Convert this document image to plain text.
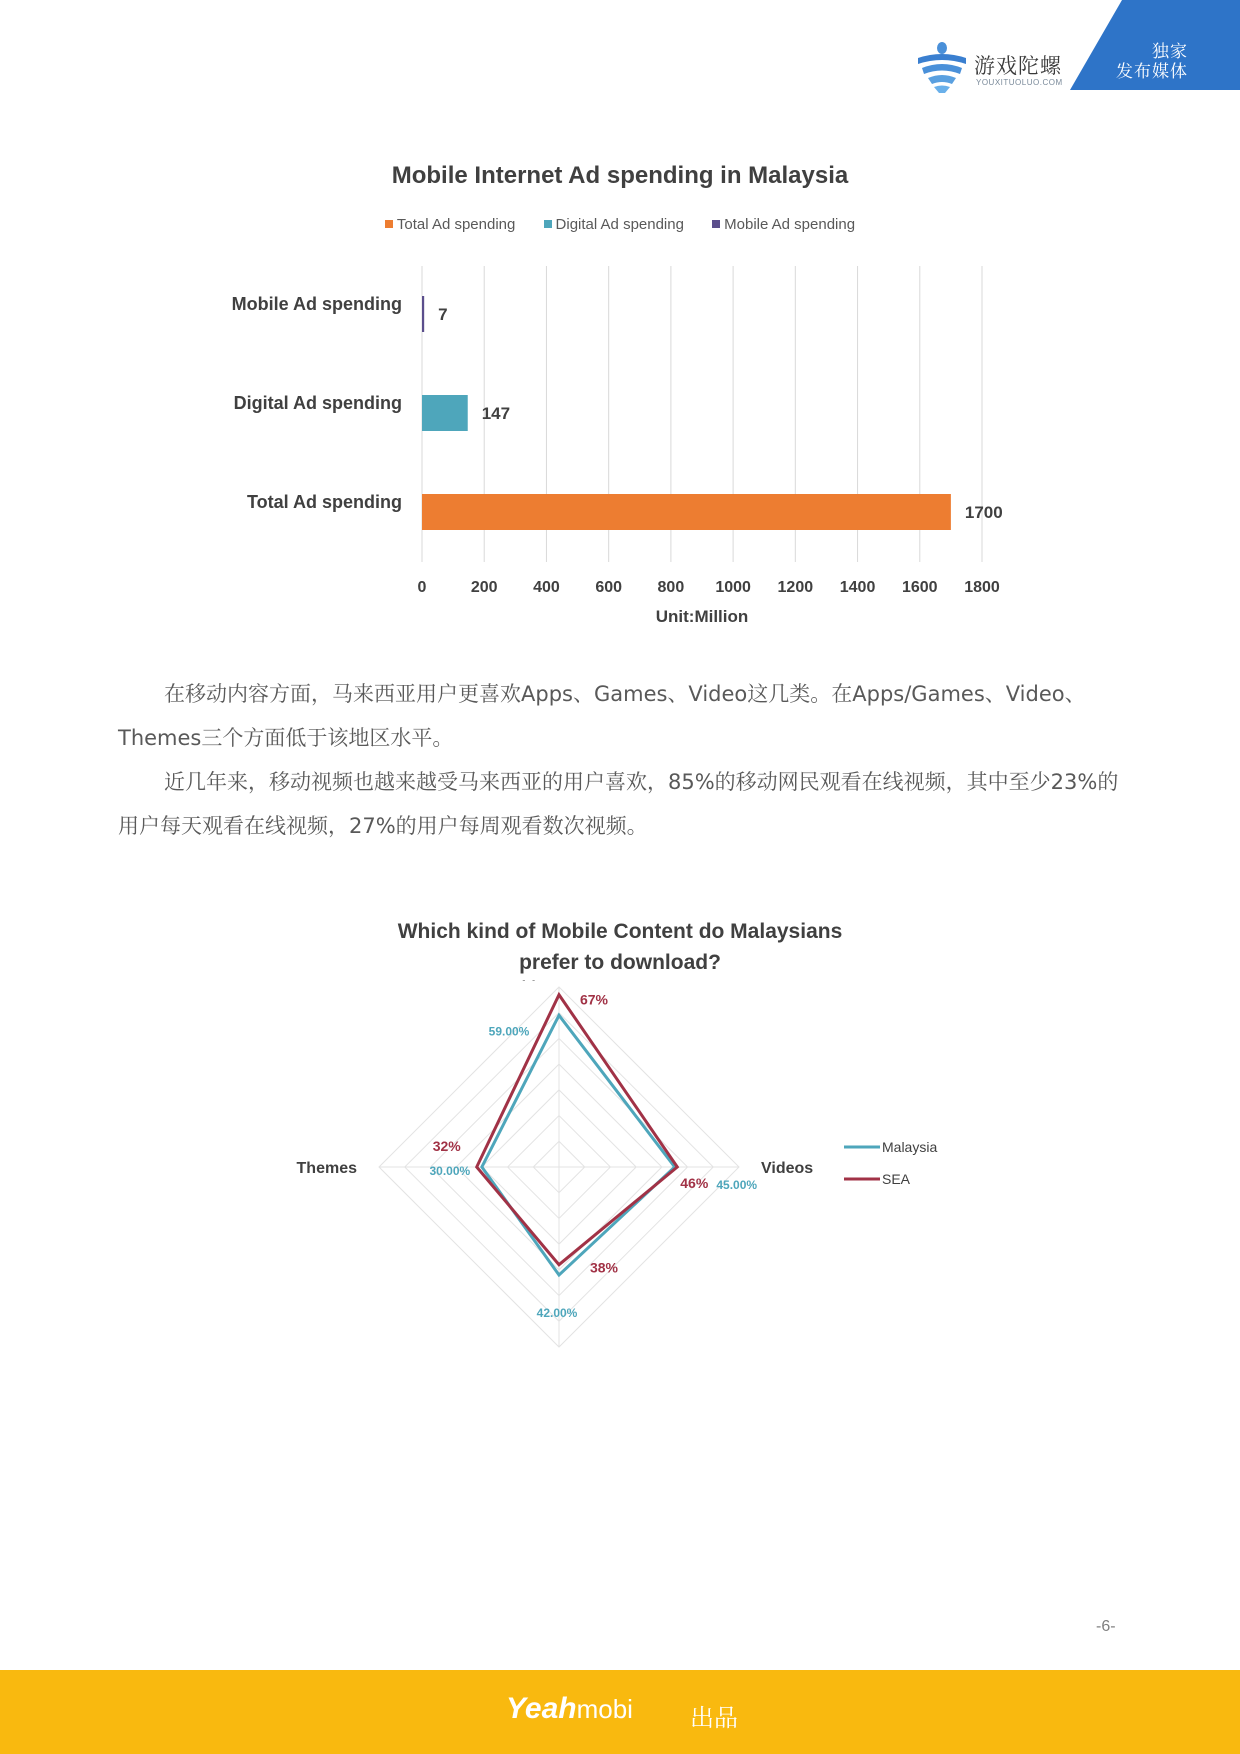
游戏陀螺
YOUXITUOLUO.COM
独家
发布媒体
Mobile Internet Ad spending in Malaysia
Total Ad spending	Digital Ad spending	Mobile Ad spending
0	200 400 600 800 1000 1200 1400 1600 1800
Mobile Ad spending
7
Digital Ad spending
147
Total Ad spending
1700
Unit:Million
在移动内容方面，马来西亚用户更喜欢Apps、Games、Video这几类。在Apps/Games、Video、Themes三个方面低于该地区水平。
近几年来，移动视频也越来越受马来西亚的用户喜欢，85%的移动网民观看在线视频，其中至少23%的用户每天观看在线视频，27%的用户每周观看数次视频。
Which kind of Mobile Content do Malaysians
prefer to download?
Videos
Themes
59.00%
45.00%
42.00%
30.00%
67%
46%
38%
32%	Malaysia
SEA
-6-
Yeahmobi 出品
